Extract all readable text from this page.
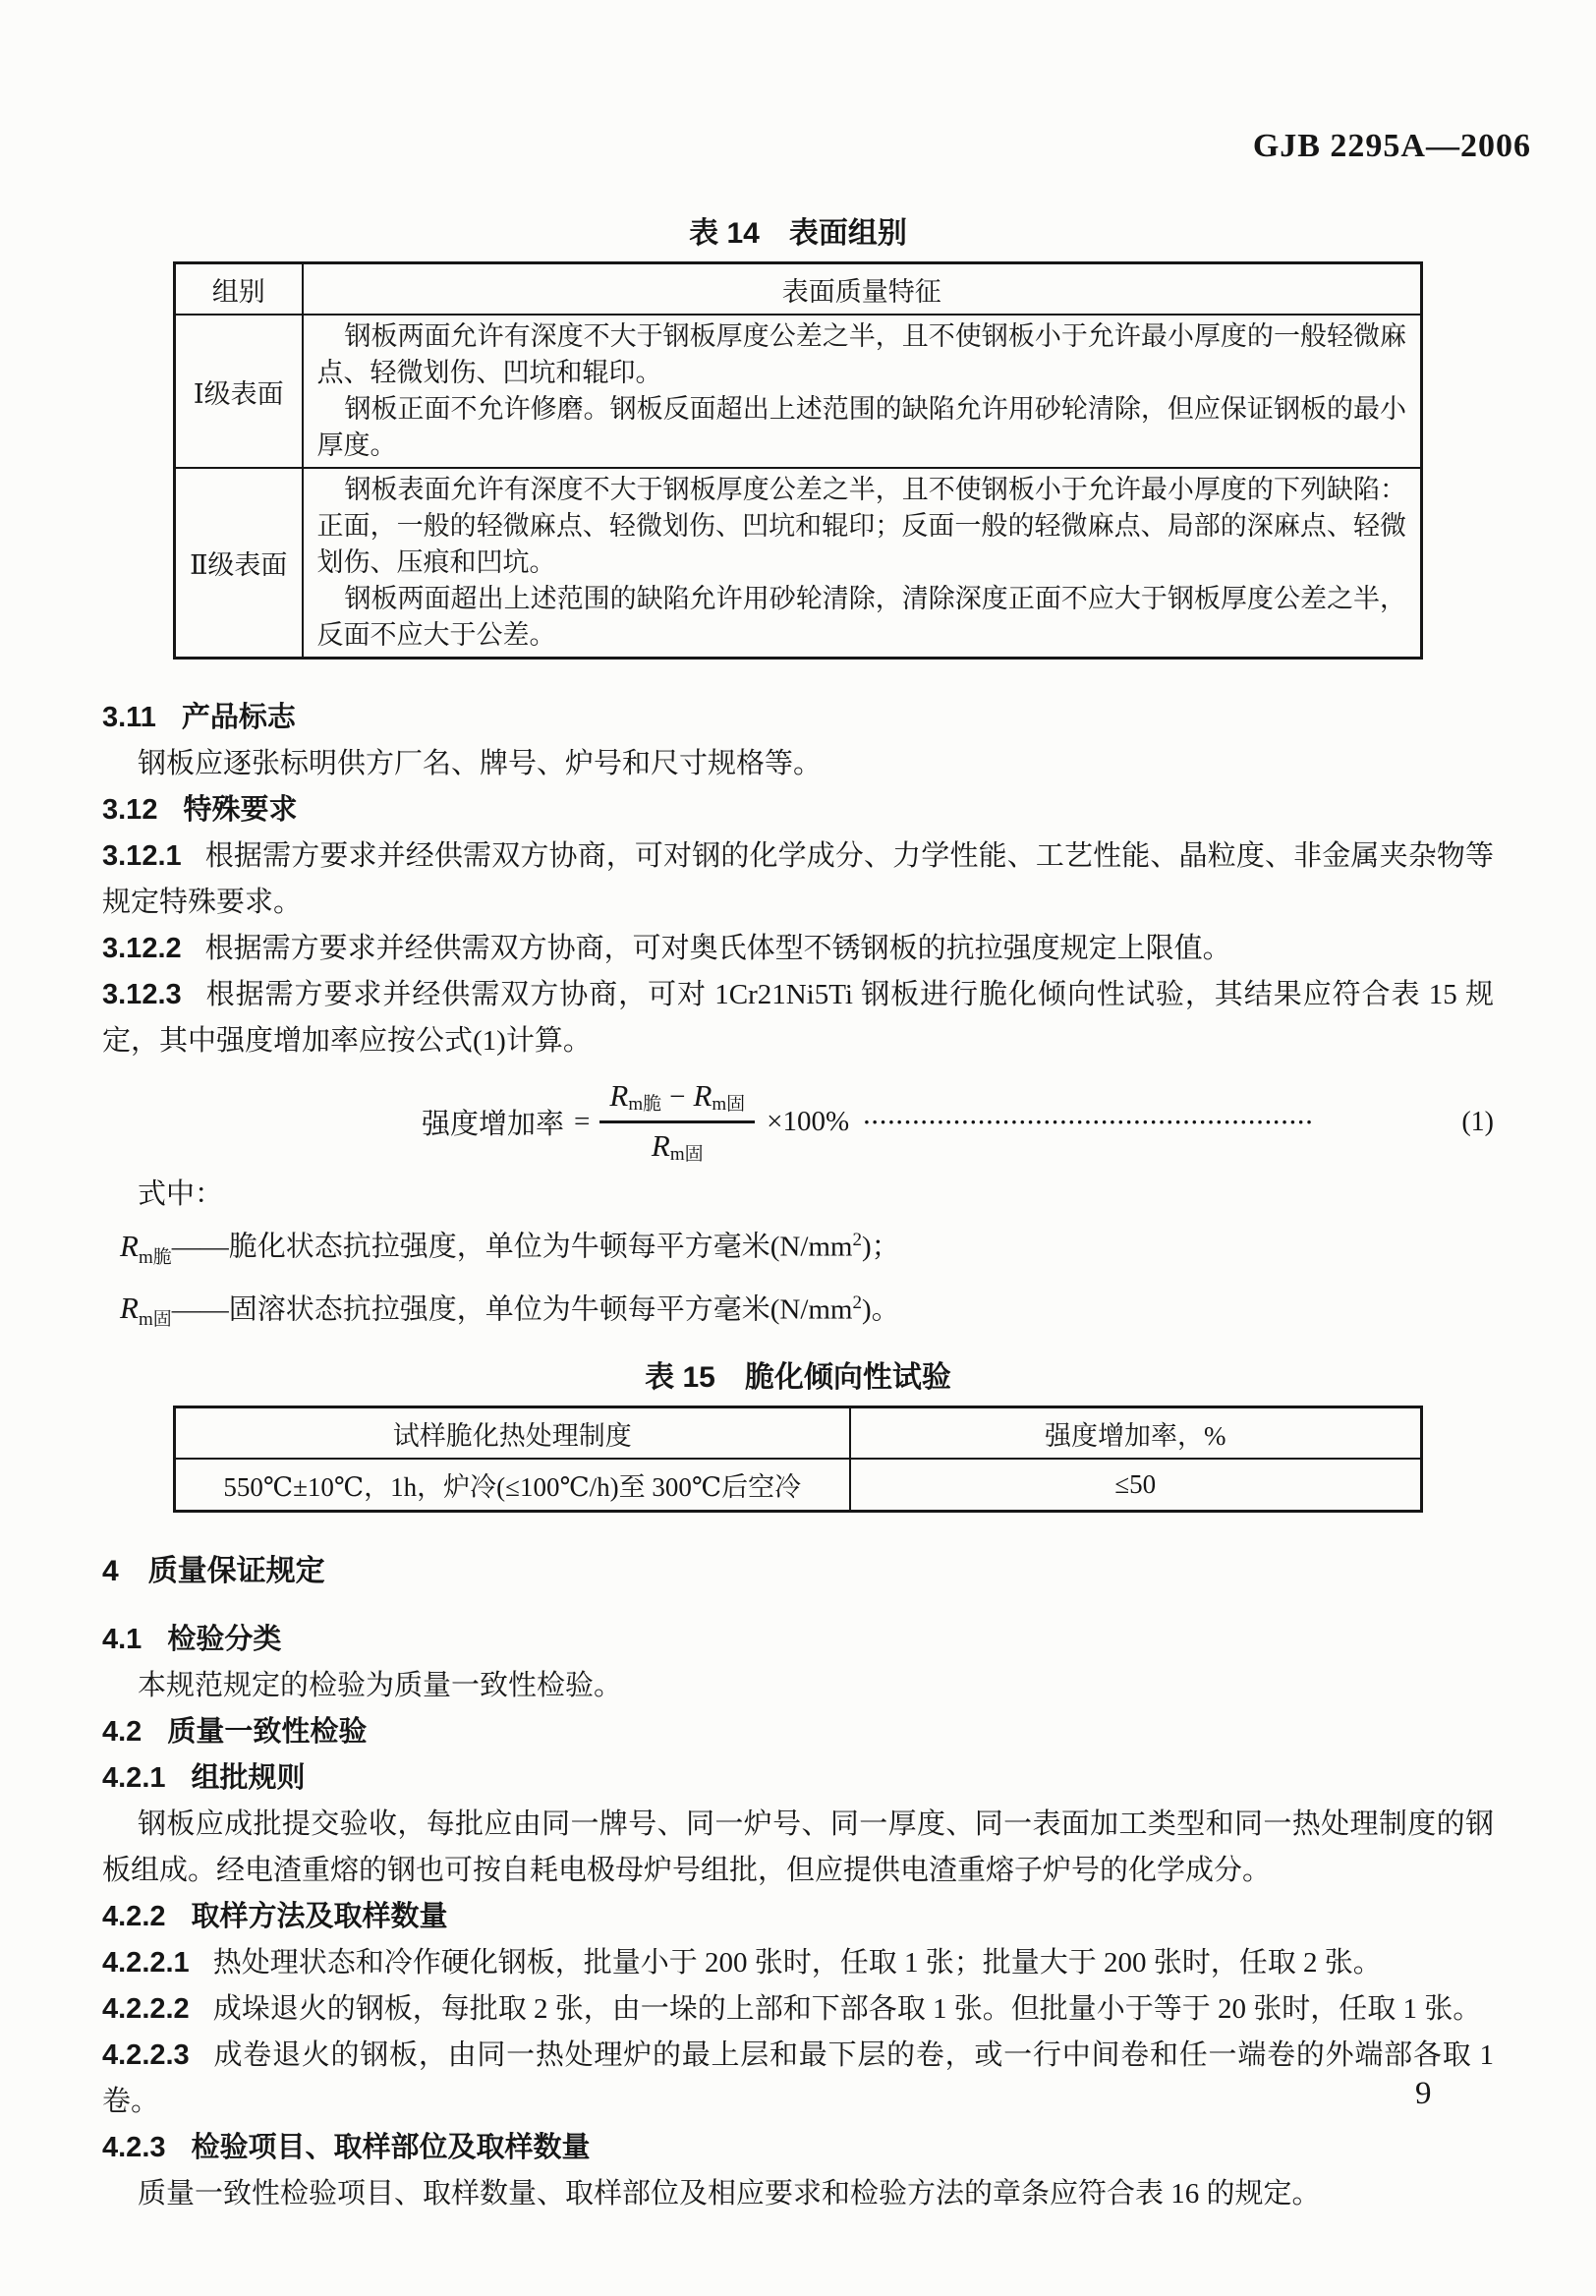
GJB 2295A—2006
表 14　表面组别
组别	表面质量特征
Ⅰ级表面	钢板两面允许有深度不大于钢板厚度公差之半，且不使钢板小于允许最小厚度的一般轻微麻点、轻微划伤、凹坑和辊印。

钢板正面不允许修磨。钢板反面超出上述范围的缺陷允许用砂轮清除，但应保证钢板的最小厚度。

Ⅱ级表面	钢板表面允许有深度不大于钢板厚度公差之半，且不使钢板小于允许最小厚度的下列缺陷：正面，一般的轻微麻点、轻微划伤、凹坑和辊印；反面一般的轻微麻点、局部的深麻点、轻微划伤、压痕和凹坑。

钢板两面超出上述范围的缺陷允许用砂轮清除，清除深度正面不应大于钢板厚度公差之半，反面不应大于公差。

3.11 产品标志

钢板应逐张标明供方厂名、牌号、炉号和尺寸规格等。

3.12 特殊要求

3.12.1 根据需方要求并经供需双方协商，可对钢的化学成分、力学性能、工艺性能、晶粒度、非金属夹杂物等规定特殊要求。

3.12.2 根据需方要求并经供需双方协商，可对奥氏体型不锈钢板的抗拉强度规定上限值。

3.12.3 根据需方要求并经供需双方协商，可对 1Cr21Ni5Ti 钢板进行脆化倾向性试验，其结果应符合表 15 规定，其中强度增加率应按公式(1)计算。

强度增加率 = $\frac{R_{m脆} - R_{m固}}{R_{m固}} \times 100\%$ ·······················································	(1)

式中：

$R_{m脆}——$脆化状态抗拉强度，单位为牛顿每平方毫米$(N/mm^2)$；

$R_{m固}——$固溶状态抗拉强度，单位为牛顿每平方毫米$(N/mm^2)$。

表 15　脆化倾向性试验
试样脆化热处理制度	强度增加率，%
550℃±10℃，1h，炉冷(≤100℃/h)至 300℃后空冷	≤50
4 质量保证规定
4.1 检验分类

本规范规定的检验为质量一致性检验。

4.2 质量一致性检验
4.2.1 组批规则

钢板应成批提交验收，每批应由同一牌号、同一炉号、同一厚度、同一表面加工类型和同一热处理制度的钢板组成。经电渣重熔的钢也可按自耗电极母炉号组批，但应提供电渣重熔子炉号的化学成分。

4.2.2 取样方法及取样数量

4.2.2.1 热处理状态和冷作硬化钢板，批量小于 200 张时，任取 1 张；批量大于 200 张时，任取 2 张。

4.2.2.2 成垛退火的钢板，每批取 2 张，由一垛的上部和下部各取 1 张。但批量小于等于 20 张时，任取 1 张。

4.2.2.3 成卷退火的钢板，由同一热处理炉的最上层和最下层的卷，或一行中间卷和任一端卷的外端部各取 1 卷。

4.2.3 检验项目、取样部位及取样数量

质量一致性检验项目、取样数量、取样部位及相应要求和检验方法的章条应符合表 16 的规定。

9
